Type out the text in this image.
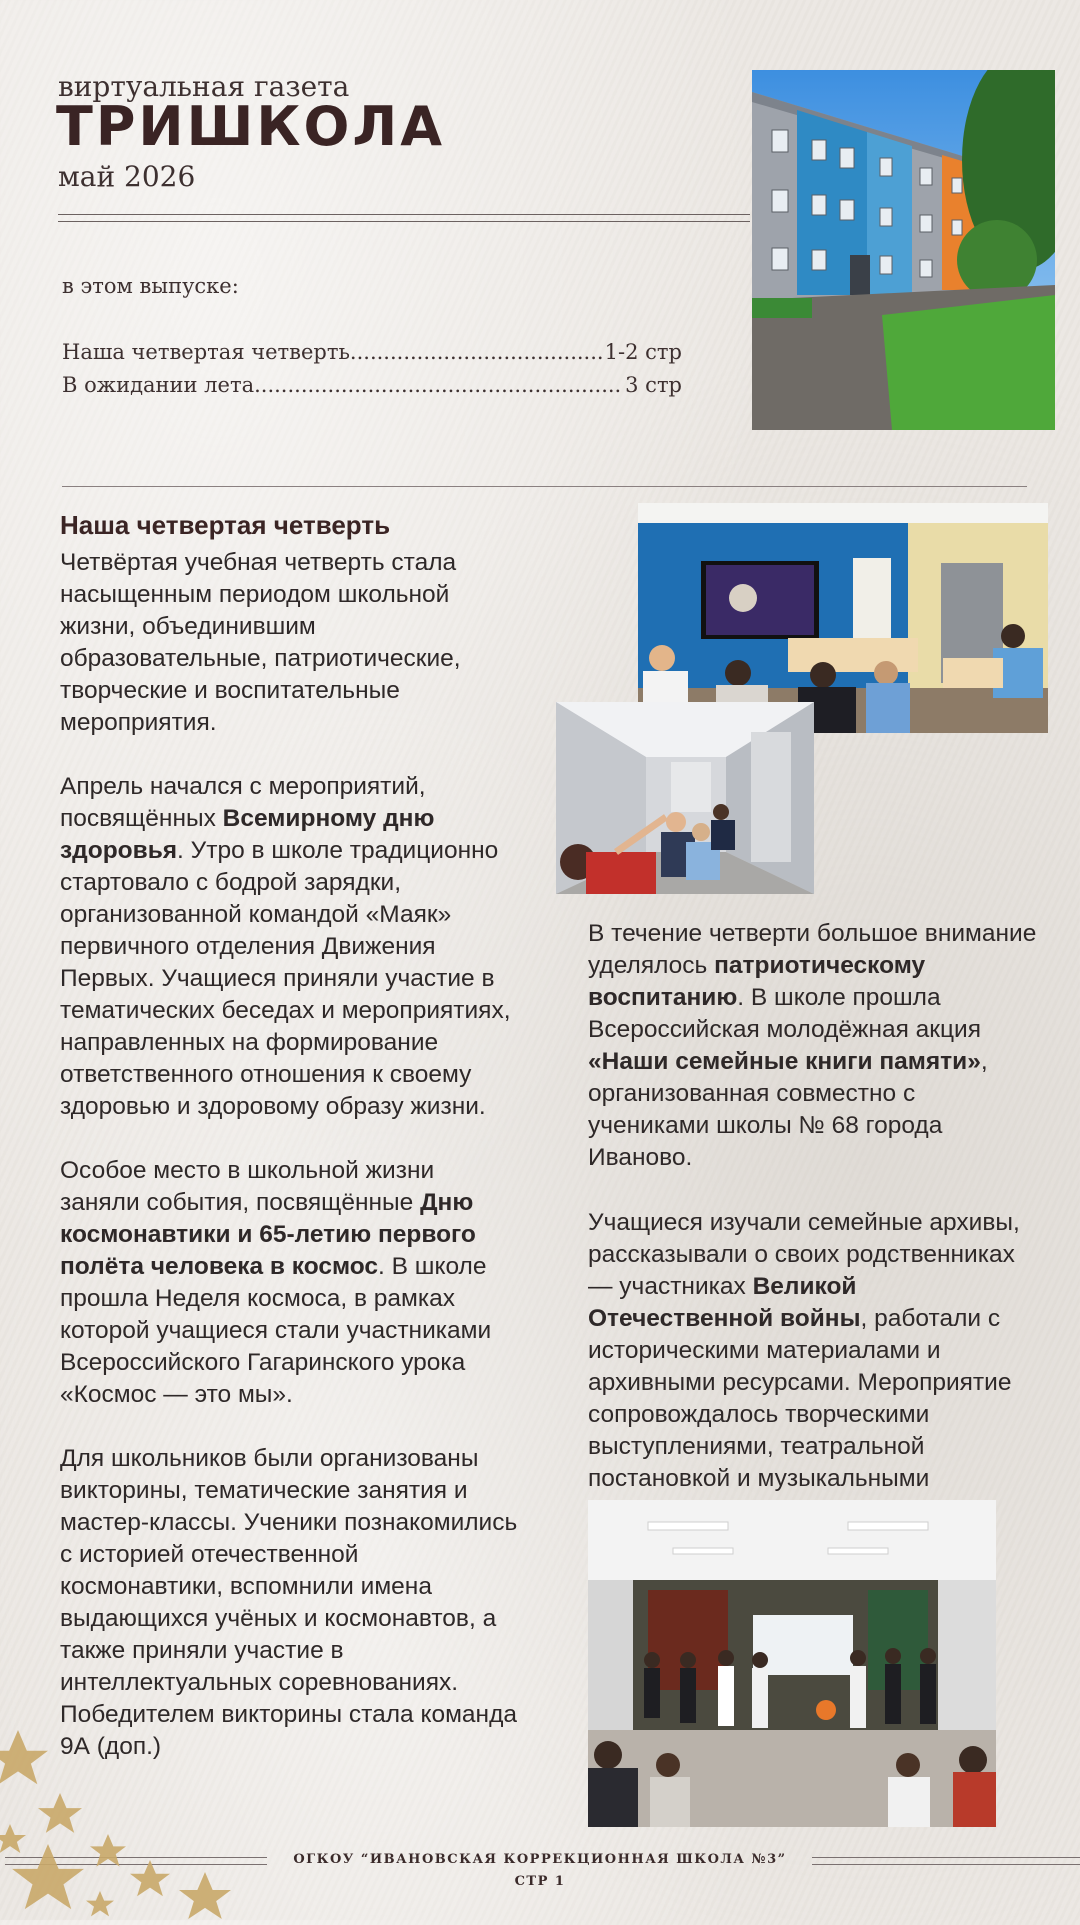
виртуальная газета
ТРИШКОЛА
май 2026
в этом выпуске:
Наша четвертая четверть .....	1-2 стр
В ожидании лета .....	3 стр
Наша четвертая четверть

Четвёртая учебная четверть стала насыщенным периодом школьной жизни, объединившим образовательные, патриотические, творческие и воспитательные мероприятия.

Апрель начался с мероприятий, посвящённых Всемирному дню здоровья. Утро в школе традиционно стартовало с бодрой зарядки, организованной командой «Маяк» первичного отделения Движения Первых. Учащиеся приняли участие в тематических беседах и мероприятиях, направленных на формирование ответственного отношения к своему здоровью и здоровому образу жизни.

Особое место в школьной жизни заняли события, посвящённые Дню космонавтики и 65-летию первого полёта человека в космос. В школе прошла Неделя космоса, в рамках которой учащиеся стали участниками Всероссийского Гагаринского урока «Космос — это мы».

Для школьников были организованы викторины, тематические занятия и мастер-классы. Ученики познакомились с историей отечественной космонавтики, вспомнили имена выдающихся учёных и космонавтов, а также приняли участие в интеллектуальных соревнованиях. Победителем викторины стала команда 9А (доп.)

В течение четверти большое внимание уделялось патриотическому воспитанию. В школе прошла Всероссийская молодёжная акция «Наши семейные книги памяти», организованная совместно с учениками школы № 68 города Иваново.

Учащиеся изучали семейные архивы, рассказывали о своих родственниках — участниках Великой Отечественной войны, работали с историческими материалами и архивными ресурсами. Мероприятие сопровождалось творческими выступлениями, театральной постановкой и музыкальными

ОГКОУ “ИВАНОВСКАЯ КОРРЕКЦИОННАЯ ШКОЛА №3”
СТР 1
